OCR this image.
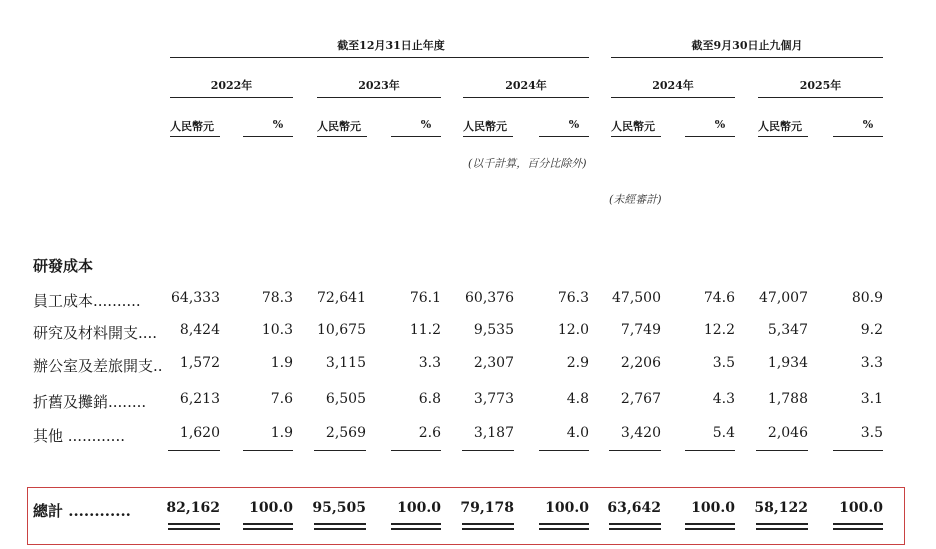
截至12月31日止年度	截至9月30日止九個月
2022年	2023年	2024年	2024年	2025年
人民幣元	%	人民幣元	%	人民幣元	%	人民幣元	%	人民幣元	%
(以千計算，百分比除外)
(未經審計)
研發成本
員工成本..........	64,333	78.3	72,641	76.1	60,376	76.3	47,500	74.6	47,007	80.9
研究及材料開支....	8,424	10.3	10,675	11.2	9,535	12.0	7,749	12.2	5,347	9.2
辦公室及差旅開支..	1,572	1.9	3,115	3.3	2,307	2.9	2,206	3.5	1,934	3.3
折舊及攤銷........	6,213	7.6	6,505	6.8	3,773	4.8	2,767	4.3	1,788	3.1
其他 ............	1,620	1.9	2,569	2.6	3,187	4.0	3,420	5.4	2,046	3.5
總計 ............	82,162	100.0	95,505	100.0	79,178	100.0	63,642	100.0	58,122	100.0
